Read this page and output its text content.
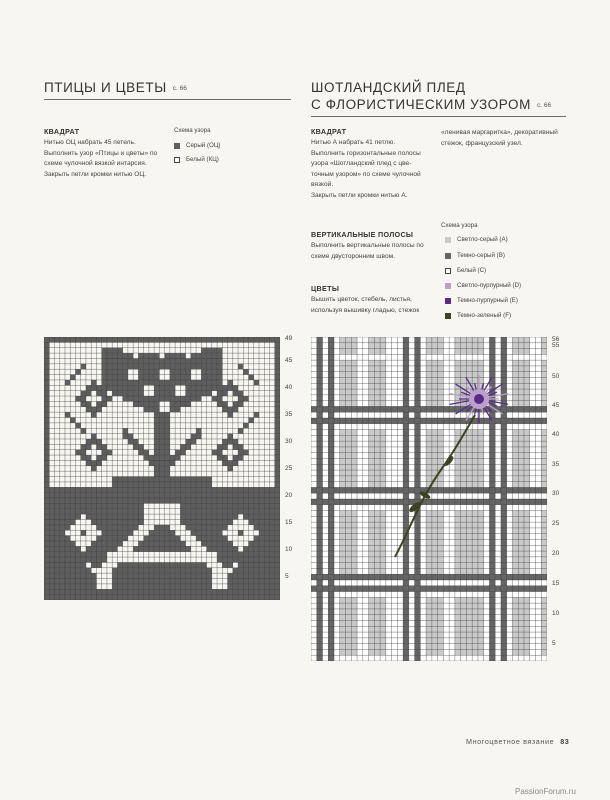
ПТИЦЫ И ЦВЕТЫ с. 66
КВАДРАТ
Нитью ОЦ набрать 45 петель.
Выполнить узор «Птицы и цветы» по
схеме чулочной вязкой интарсия.
Закрыть петли кромки нитью ОЦ.
Схема узора
Серый (ОЦ)
Белый (КЦ)
49
45
40
35
30
25
20
15
10
5
ШОТЛАНДСКИЙ ПЛЕД
С ФЛОРИСТИЧЕСКИМ УЗОРОМ с. 66
КВАДРАТ
Нитью А набрать 41 петлю.
Выполнить горизонтальные полосы
узора «Шотландский плед с цве-
точным узором» по схеме чулочной
вязкой.
Закрыть петли кромки нитью А.
«ленивая маргаритка», декоративный
стежок, французский узел.
ВЕРТИКАЛЬНЫЕ ПОЛОСЫ
Выполнить вертикальные полосы по
схеме двусторонним швом.
ЦВЕТЫ
Вышить цветок, стебель, листья,
используя вышивку гладью, стежок
Схема узора
Светло-серый (A)
Темно-серый (B)
Белый (C)
Светло-пурпурный (D)
Темно-пурпурный (E)
Темно-зеленый (F)
56
55
50
45
40
35
30
25
20
15
10
5
Многоцветное вязание 83
PassionForum.ru
